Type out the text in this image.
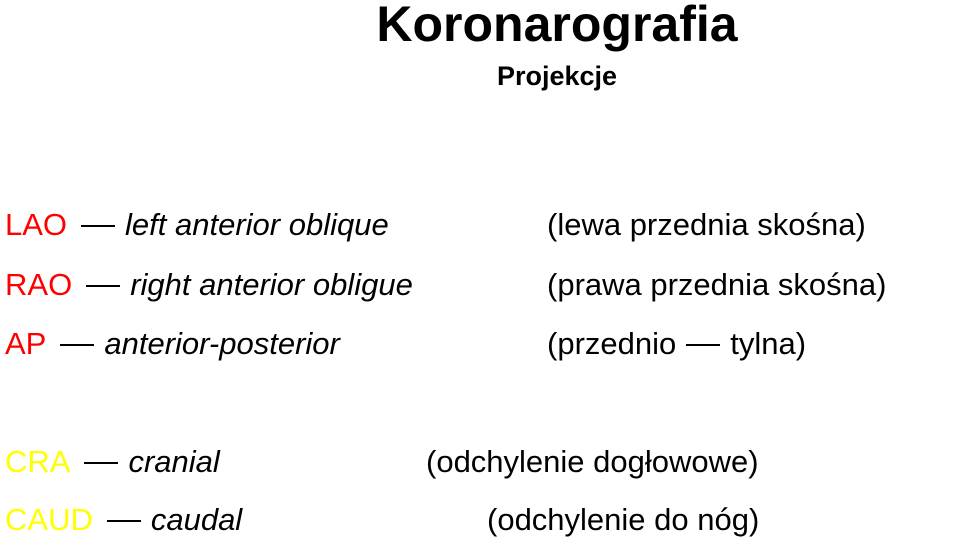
Koronarografia
Projekcje
LAO left anterior oblique	(lewa przednia skośna)
RAO right anterior obligue	(prawa przednia skośna)
AP anterior-posterior	(przednio tylna)
CRA cranial	(odchylenie dogłowowe)
CAUD caudal	(odchylenie do nóg)
